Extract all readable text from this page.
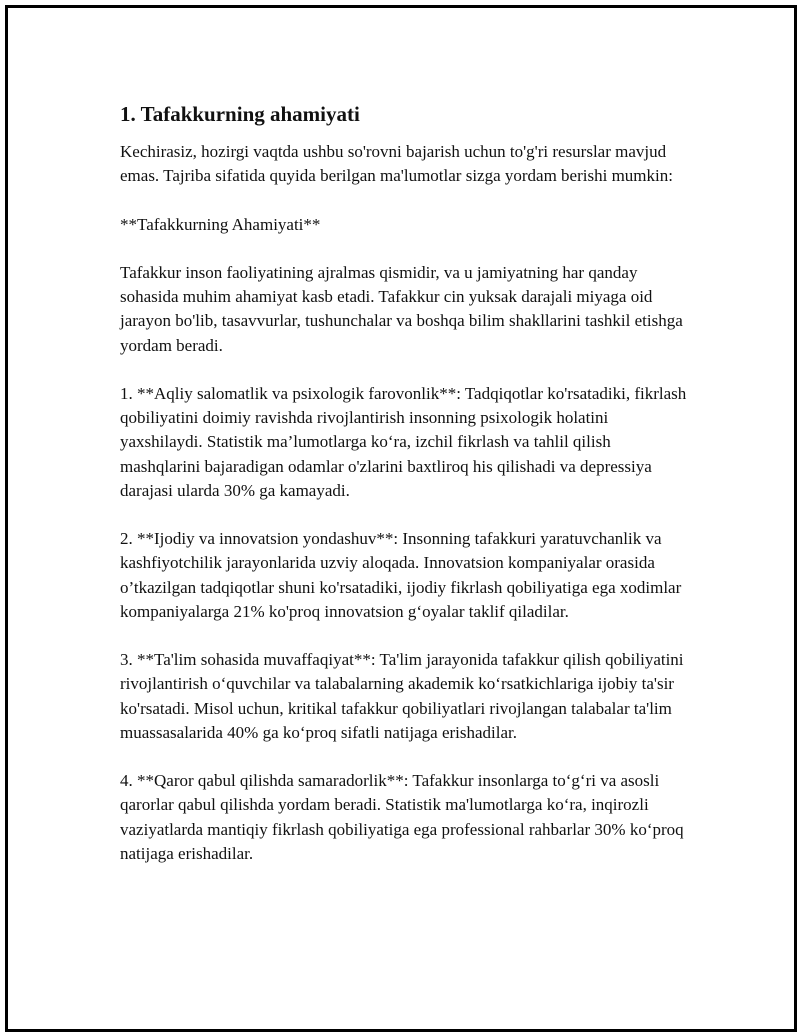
1. Tafakkurning ahamiyati

Kechirasiz, hozirgi vaqtda ushbu so'rovni bajarish uchun to'g'ri resurslar mavjud emas. Tajriba sifatida quyida berilgan ma'lumotlar sizga yordam berishi mumkin:

**Tafakkurning Ahamiyati**

Tafakkur inson faoliyatining ajralmas qismidir, va u jamiyatning har qanday sohasida muhim ahamiyat kasb etadi. Tafakkur cin yuksak darajali miyaga oid jarayon bo'lib, tasavvurlar, tushunchalar va boshqa bilim shakllarini tashkil etishga yordam beradi.

1. **Aqliy salomatlik va psixologik farovonlik**: Tadqiqotlar ko'rsatadiki, fikrlash qobiliyatini doimiy ravishda rivojlantirish insonning psixologik holatini yaxshilaydi. Statistik ma’lumotlarga ko‘ra, izchil fikrlash va tahlil qilish mashqlarini bajaradigan odamlar o'zlarini baxtliroq his qilishadi va depressiya darajasi ularda 30% ga kamayadi.

2. **Ijodiy va innovatsion yondashuv**: Insonning tafakkuri yaratuvchanlik va kashfiyotchilik jarayonlarida uzviy aloqada. Innovatsion kompaniyalar orasida o’tkazilgan tadqiqotlar shuni ko'rsatadiki, ijodiy fikrlash qobiliyatiga ega xodimlar kompaniyalarga 21% ko'proq innovatsion g‘oyalar taklif qiladilar.

3. **Ta'lim sohasida muvaffaqiyat**: Ta'lim jarayonida tafakkur qilish qobiliyatini rivojlantirish o‘quvchilar va talabalarning akademik ko‘rsatkichlariga ijobiy ta'sir ko'rsatadi. Misol uchun, kritikal tafakkur qobiliyatlari rivojlangan talabalar ta'lim muassasalarida 40% ga ko‘proq sifatli natijaga erishadilar.

4. **Qaror qabul qilishda samaradorlik**: Tafakkur insonlarga to‘g‘ri va asosli qarorlar qabul qilishda yordam beradi. Statistik ma'lumotlarga ko‘ra, inqirozli vaziyatlarda mantiqiy fikrlash qobiliyatiga ega professional rahbarlar 30% ko‘proq natijaga erishadilar.
